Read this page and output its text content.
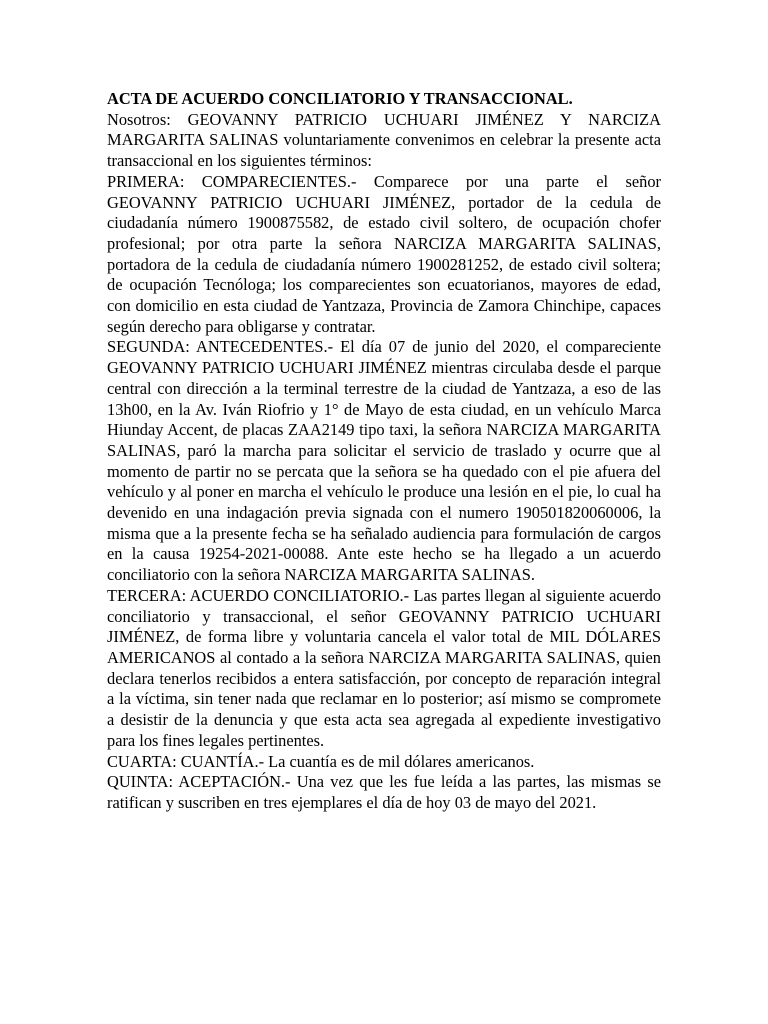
ACTA DE ACUERDO CONCILIATORIO Y TRANSACCIONAL.

Nosotros: GEOVANNY PATRICIO UCHUARI JIMÉNEZ Y NARCIZA MARGARITA SALINAS voluntariamente convenimos en celebrar la presente acta transaccional en los siguientes términos:

PRIMERA: COMPARECIENTES.- Comparece por una parte el señor GEOVANNY PATRICIO UCHUARI JIMÉNEZ, portador de la cedula de ciudadanía número 1900875582, de estado civil soltero, de ocupación chofer profesional; por otra parte la señora NARCIZA MARGARITA SALINAS, portadora de la cedula de ciudadanía número 1900281252, de estado civil soltera; de ocupación Tecnóloga; los comparecientes son ecuatorianos, mayores de edad, con domicilio en esta ciudad de Yantzaza, Provincia de Zamora Chinchipe, capaces según derecho para obligarse y contratar.

SEGUNDA: ANTECEDENTES.- El día 07 de junio del 2020, el compareciente GEOVANNY PATRICIO UCHUARI JIMÉNEZ mientras circulaba desde el parque central con dirección a la terminal terrestre de la ciudad de Yantzaza, a eso de las 13h00, en la Av. Iván Riofrio y 1° de Mayo de esta ciudad, en un vehículo Marca Hiunday Accent, de placas ZAA2149 tipo taxi, la señora NARCIZA MARGARITA SALINAS, paró la marcha para solicitar el servicio de traslado y ocurre que al momento de partir no se percata que la señora se ha quedado con el pie afuera del vehículo y al poner en marcha el vehículo le produce una lesión en el pie, lo cual ha devenido en una indagación previa signada con el numero 190501820060006, la misma que a la presente fecha se ha señalado audiencia para formulación de cargos en la causa 19254-2021-00088. Ante este hecho se ha llegado a un acuerdo conciliatorio con la señora NARCIZA MARGARITA SALINAS.

TERCERA: ACUERDO CONCILIATORIO.- Las partes llegan al siguiente acuerdo conciliatorio y transaccional, el señor GEOVANNY PATRICIO UCHUARI JIMÉNEZ, de forma libre y voluntaria cancela el valor total de MIL DÓLARES AMERICANOS al contado a la señora NARCIZA MARGARITA SALINAS, quien declara tenerlos recibidos a entera satisfacción, por concepto de reparación integral a la víctima, sin tener nada que reclamar en lo posterior; así mismo se compromete a desistir de la denuncia y que esta acta sea agregada al expediente investigativo para los fines legales pertinentes.

CUARTA: CUANTÍA.- La cuantía es de mil dólares americanos.

QUINTA: ACEPTACIÓN.- Una vez que les fue leída a las partes, las mismas se ratifican y suscriben en tres ejemplares el día de hoy 03 de mayo del 2021.
